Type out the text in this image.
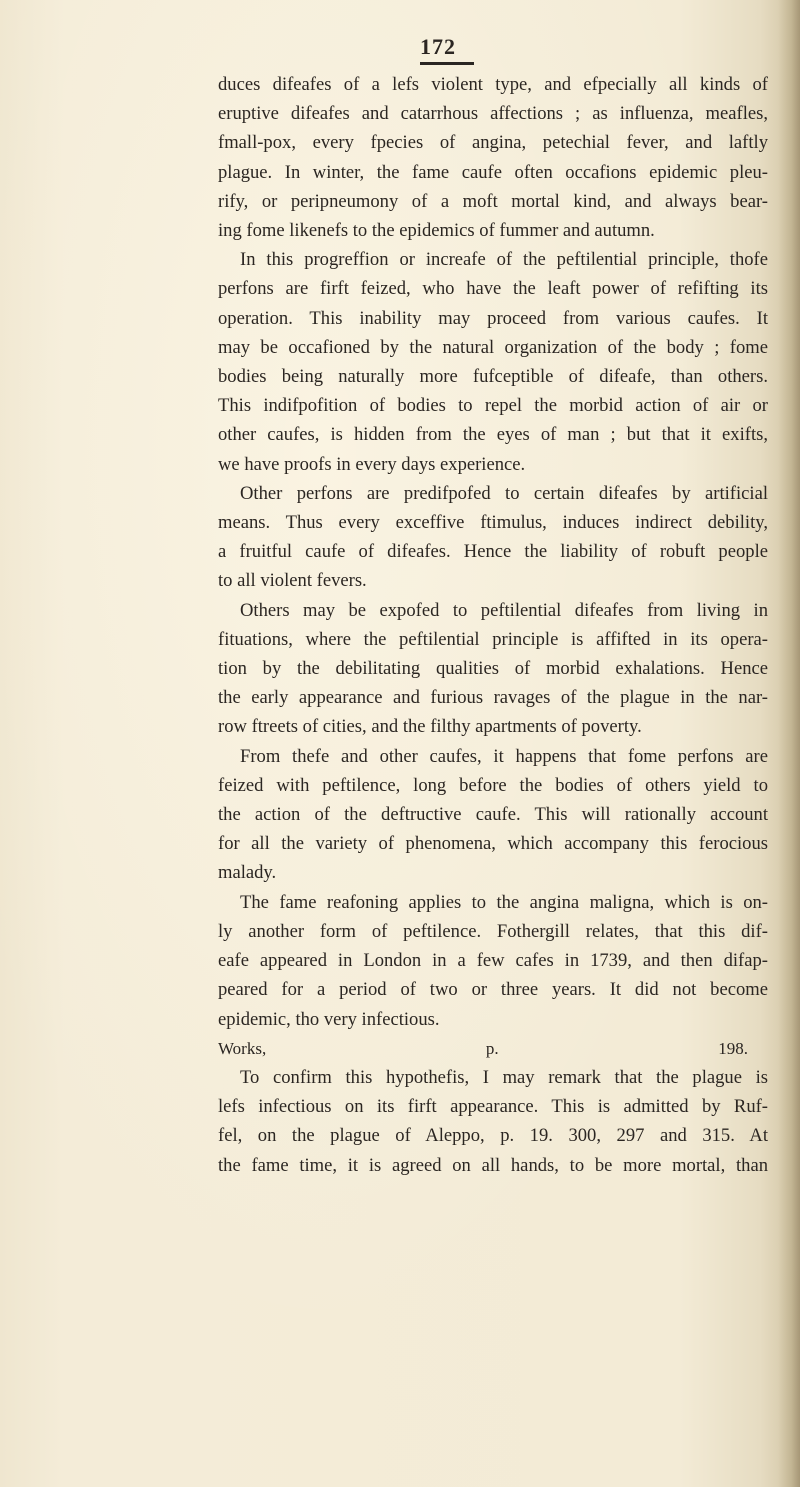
172

duces difeafes of a lefs violent type, and efpecially all kinds of
eruptive difeafes and catarrhous affections ; as influenza, meafles,
fmall-pox, every fpecies of angina, petechial fever, and laftly
plague. In winter, the fame caufe often occafions epidemic pleu-
rify, or peripneumony of a moft mortal kind, and always bear-
ing fome likenefs to the epidemics of fummer and autumn.

In this progreffion or increafe of the peftilential principle, thofe
perfons are firft feized, who have the leaft power of refifting its
operation. This inability may proceed from various caufes. It
may be occafioned by the natural organization of the body ; fome
bodies being naturally more fufceptible of difeafe, than others.
This indifpofition of bodies to repel the morbid action of air or
other caufes, is hidden from the eyes of man ; but that it exifts,
we have proofs in every days experience.

Other perfons are predifpofed to certain difeafes by artificial
means. Thus every exceffive ftimulus, induces indirect debility,
a fruitful caufe of difeafes. Hence the liability of robuft people
to all violent fevers.

Others may be expofed to peftilential difeafes from living in
fituations, where the peftilential principle is affifted in its opera-
tion by the debilitating qualities of morbid exhalations. Hence
the early appearance and furious ravages of the plague in the nar-
row ftreets of cities, and the filthy apartments of poverty.

From thefe and other caufes, it happens that fome perfons are
feized with peftilence, long before the bodies of others yield to
the action of the deftructive caufe. This will rationally account
for all the variety of phenomena, which accompany this ferocious
malady.

The fame reafoning applies to the angina maligna, which is on-
ly another form of peftilence. Fothergill relates, that this dif-
eafe appeared in London in a few cafes in 1739, and then difap-
peared for a period of two or three years. It did not become
epidemic, tho very infectious.
Works, p. 198.

To confirm this hypothefis, I may remark that the plague is
lefs infectious on its firft appearance. This is admitted by Ruf-
fel, on the plague of Aleppo, p. 19. 300, 297 and 315. At
the fame time, it is agreed on all hands, to be more mortal, than
